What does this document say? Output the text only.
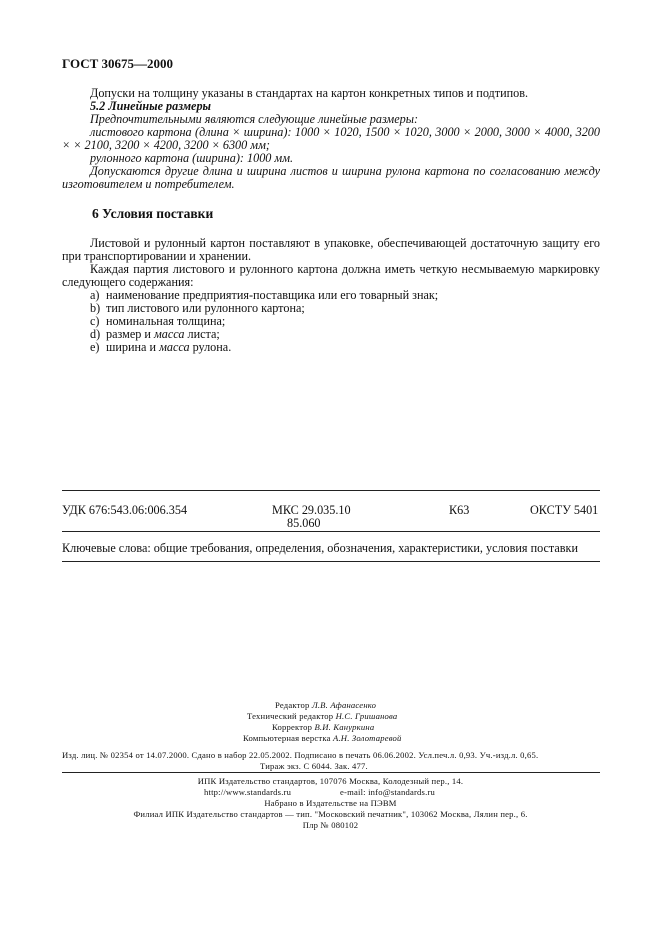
ГОСТ 30675—2000

Допуски на толщину указаны в стандартах на картон конкретных типов и подтипов.

5.2 Линейные размеры

Предпочтительными являются следующие линейные размеры:

листового картона (длина × ширина): 1000 × 1020, 1500 × 1020, 3000 × 2000, 3000 × 4000, 3200 × × 2100, 3200 × 4200, 3200 × 6300 мм;

рулонного картона (ширина): 1000 мм.

Допускаются другие длина и ширина листов и ширина рулона картона по согласованию между изготовителем и потребителем.

6 Условия поставки

Листовой и рулонный картон поставляют в упаковке, обеспечивающей достаточную защиту его при транспортировании и хранении.

Каждая партия листового и рулонного картона должна иметь четкую несмываемую маркировку следующего содержания:

a) наименование предприятия-поставщика или его товарный знак;
b) тип листового или рулонного картона;
c) номинальная толщина;
d) размер и масса листа;
e) ширина и масса рулона.
УДК 676:543.06:006.354	МКС 29.035.10
85.060
К63	ОКСТУ 5401
Ключевые слова: общие требования, определения, обозначения, характеристики, условия поставки
Редактор Л.В. Афанасенко
Технический редактор Н.С. Гришанова
Корректор В.И. Кануркина
Компьютерная верстка А.Н. Золотаревой
Изд. лиц. № 02354 от 14.07.2000. Сдано в набор 22.05.2002. Подписано в печать 06.06.2002. Усл.печ.л. 0,93. Уч.-изд.л. 0,65.
Тираж экз. С 6044. Зак. 477.
ИПК Издательство стандартов, 107076 Москва, Колодезный пер., 14.
http://www.standards.ru	e-mail: info@standards.ru
Набрано в Издательстве на ПЭВМ
Филиал ИПК Издательство стандартов — тип. "Московский печатник", 103062 Москва, Лялин пер., 6.
Плр № 080102
